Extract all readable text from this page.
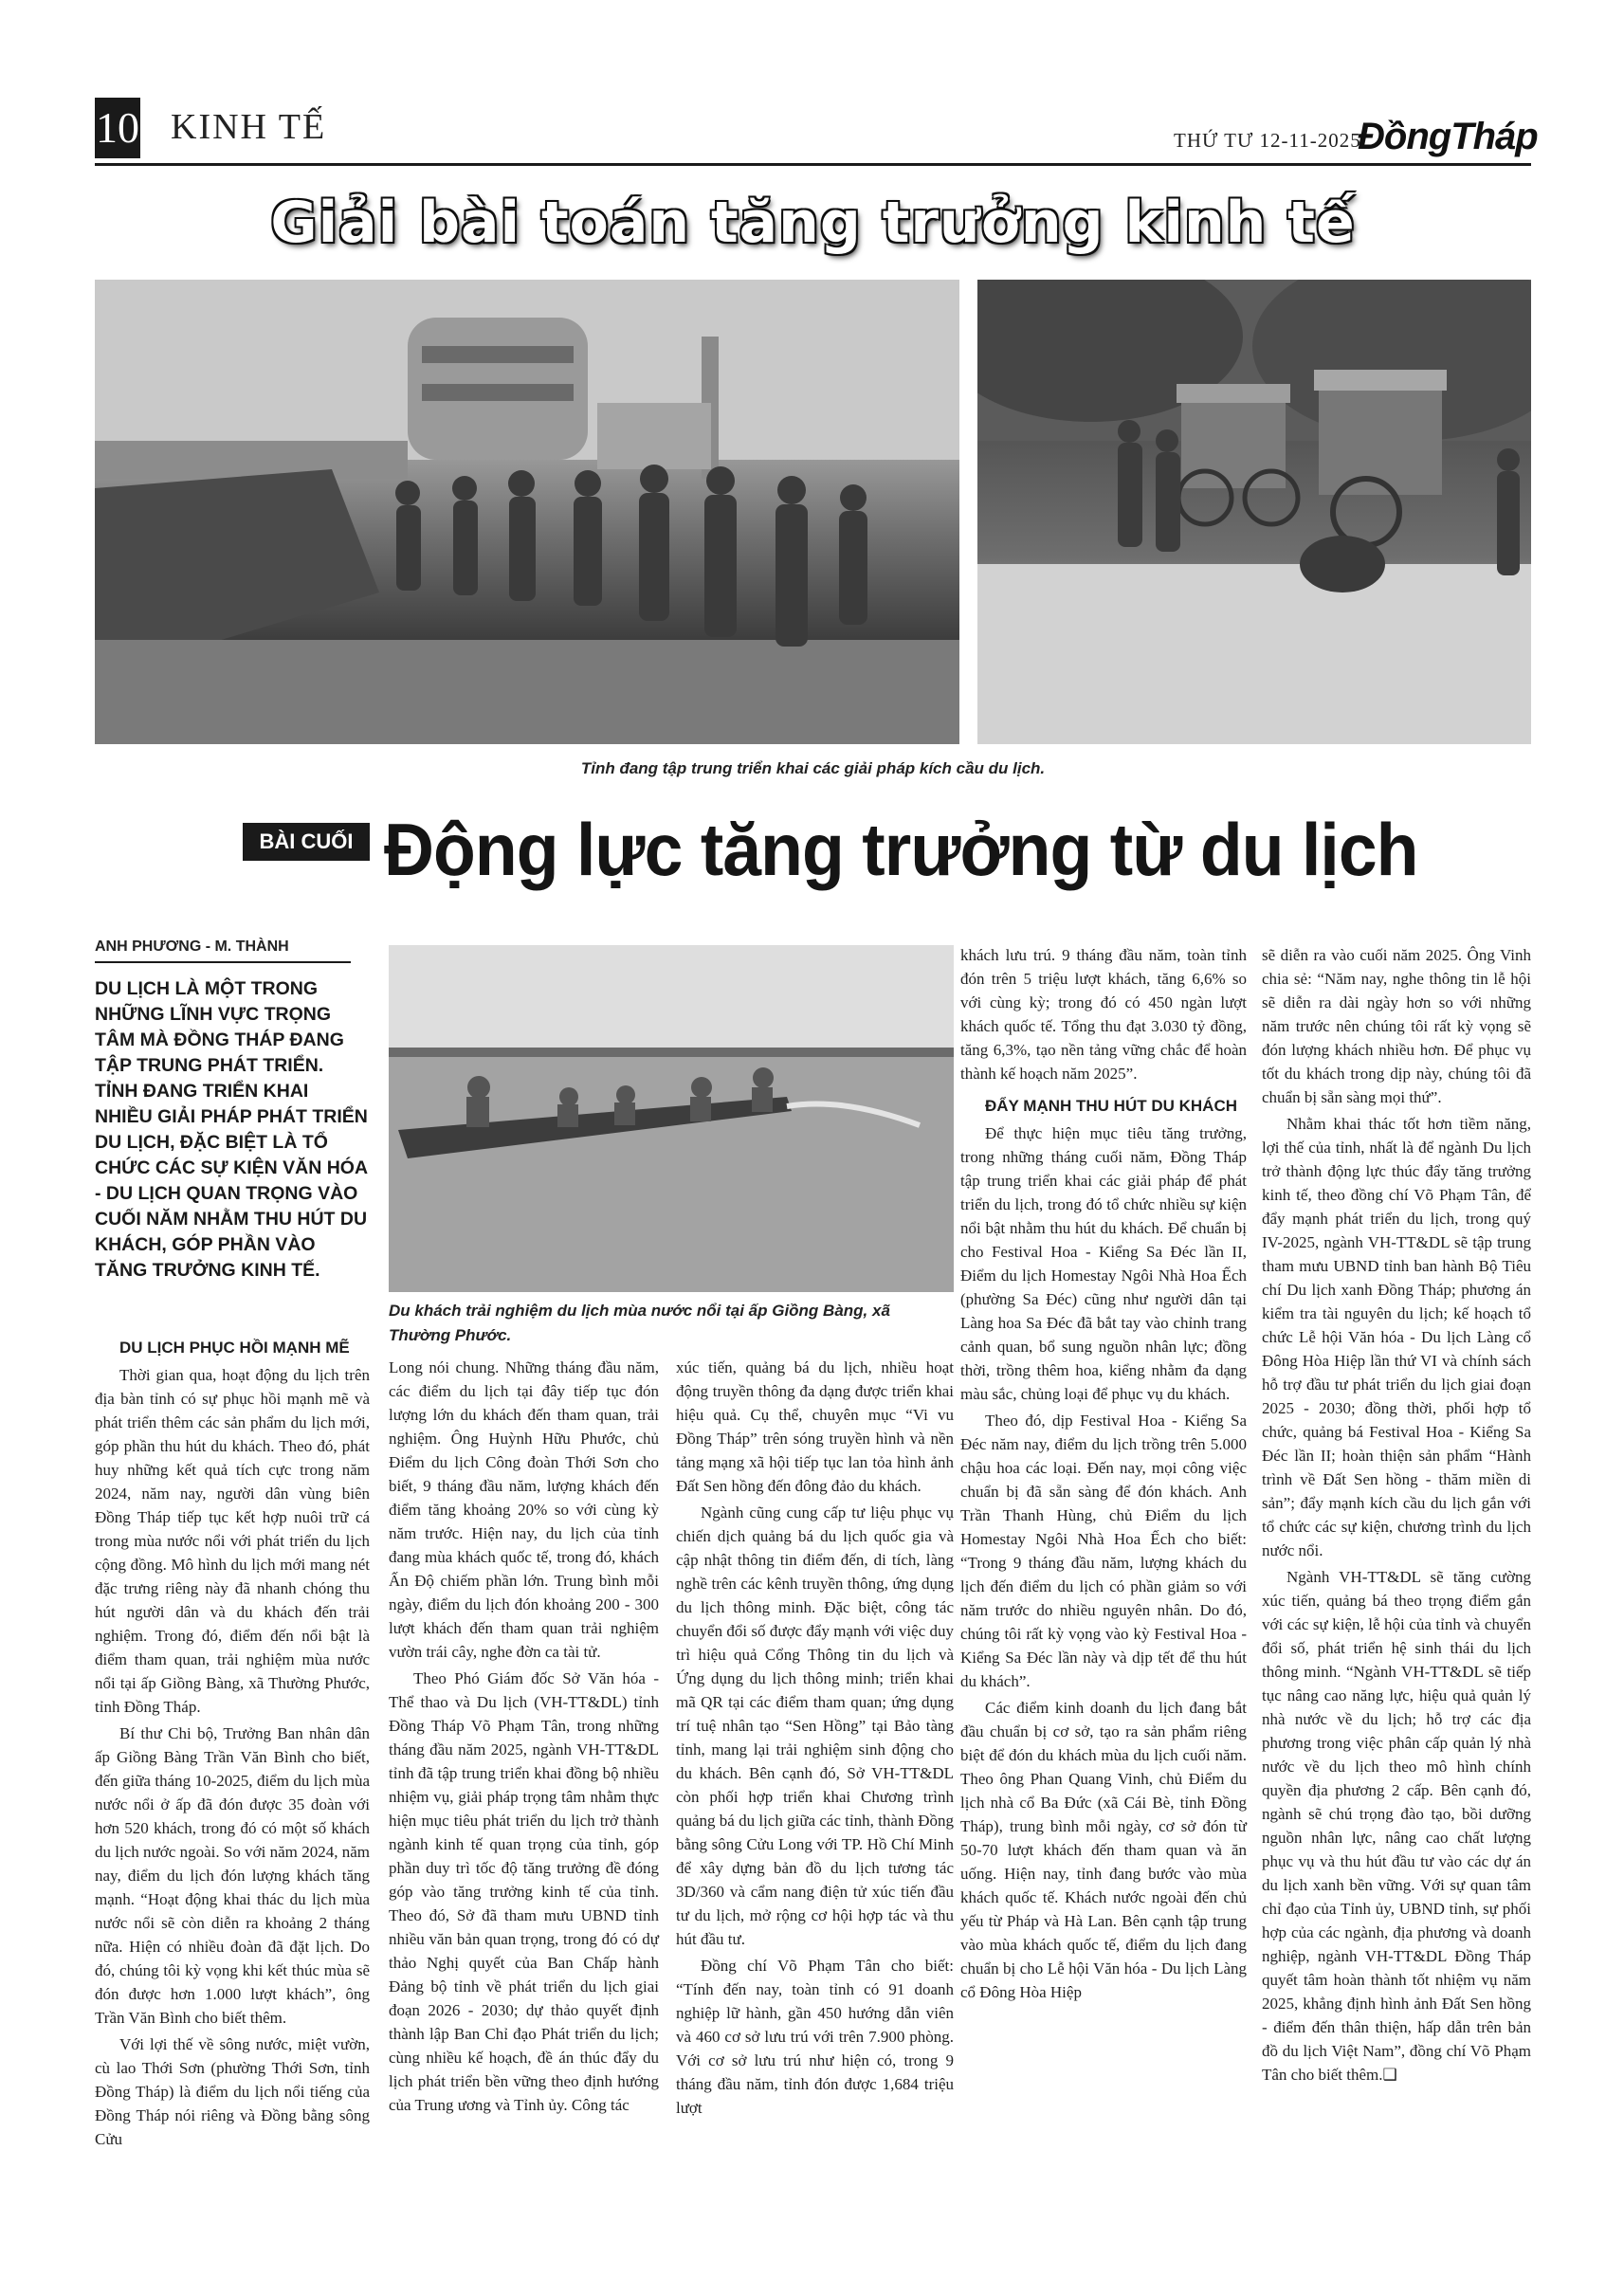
10 KINH TẾ	THỨ TƯ 12-11-2025
ĐồngTháp
Giải bài toán tăng trưởng kinh tế
Tỉnh đang tập trung triển khai các giải pháp kích cầu du lịch.
BÀI CUỐI Động lực tăng trưởng từ du lịch
ANH PHƯƠNG - M. THÀNH
DU LỊCH LÀ MỘT TRONG NHỮNG LĨNH VỰC TRỌNG TÂM MÀ ĐỒNG THÁP ĐANG TẬP TRUNG PHÁT TRIỂN. TỈNH ĐANG TRIỂN KHAI NHIỀU GIẢI PHÁP PHÁT TRIỂN DU LỊCH, ĐẶC BIỆT LÀ TỔ CHỨC CÁC SỰ KIỆN VĂN HÓA - DU LỊCH QUAN TRỌNG VÀO CUỐI NĂM NHẰM THU HÚT DU KHÁCH, GÓP PHẦN VÀO TĂNG TRƯỞNG KINH TẾ.
Du khách trải nghiệm du lịch mùa nước nổi tại ấp Giồng Bàng, xã Thường Phước.
DU LỊCH PHỤC HỒI MẠNH MẼ

Thời gian qua, hoạt động du lịch trên địa bàn tỉnh có sự phục hồi mạnh mẽ và phát triển thêm các sản phẩm du lịch mới, góp phần thu hút du khách. Theo đó, phát huy những kết quả tích cực trong năm 2024, năm nay, người dân vùng biên Đồng Tháp tiếp tục kết hợp nuôi trữ cá trong mùa nước nổi với phát triển du lịch cộng đồng. Mô hình du lịch mới mang nét đặc trưng riêng này đã nhanh chóng thu hút người dân và du khách đến trải nghiệm. Trong đó, điểm đến nổi bật là điểm tham quan, trải nghiệm mùa nước nổi tại ấp Giồng Bàng, xã Thường Phước, tỉnh Đồng Tháp.

Bí thư Chi bộ, Trưởng Ban nhân dân ấp Giồng Bàng Trần Văn Bình cho biết, đến giữa tháng 10-2025, điểm du lịch mùa nước nổi ở ấp đã đón được 35 đoàn với hơn 520 khách, trong đó có một số khách du lịch nước ngoài. So với năm 2024, năm nay, điểm du lịch đón lượng khách tăng mạnh. “Hoạt động khai thác du lịch mùa nước nổi sẽ còn diễn ra khoảng 2 tháng nữa. Hiện có nhiều đoàn đã đặt lịch. Do đó, chúng tôi kỳ vọng khi kết thúc mùa sẽ đón được hơn 1.000 lượt khách”, ông Trần Văn Bình cho biết thêm.

Với lợi thế về sông nước, miệt vườn, cù lao Thới Sơn (phường Thới Sơn, tỉnh Đồng Tháp) là điểm du lịch nổi tiếng của Đồng Tháp nói riêng và Đồng bằng sông Cửu

Long nói chung. Những tháng đầu năm, các điểm du lịch tại đây tiếp tục đón lượng lớn du khách đến tham quan, trải nghiệm. Ông Huỳnh Hữu Phước, chủ Điểm du lịch Công đoàn Thới Sơn cho biết, 9 tháng đầu năm, lượng khách đến điểm tăng khoảng 20% so với cùng kỳ năm trước. Hiện nay, du lịch của tỉnh đang mùa khách quốc tế, trong đó, khách Ấn Độ chiếm phần lớn. Trung bình mỗi ngày, điểm du lịch đón khoảng 200 - 300 lượt khách đến tham quan trải nghiệm vườn trái cây, nghe đờn ca tài tử.

Theo Phó Giám đốc Sở Văn hóa - Thể thao và Du lịch (VH-TT&DL) tỉnh Đồng Tháp Võ Phạm Tân, trong những tháng đầu năm 2025, ngành VH-TT&DL tỉnh đã tập trung triển khai đồng bộ nhiều nhiệm vụ, giải pháp trọng tâm nhằm thực hiện mục tiêu phát triển du lịch trở thành ngành kinh tế quan trọng của tỉnh, góp phần duy trì tốc độ tăng trưởng đề đóng góp vào tăng trưởng kinh tế của tỉnh. Theo đó, Sở đã tham mưu UBND tỉnh nhiều văn bản quan trọng, trong đó có dự thảo Nghị quyết của Ban Chấp hành Đảng bộ tỉnh về phát triển du lịch giai đoạn 2026 - 2030; dự thảo quyết định thành lập Ban Chỉ đạo Phát triển du lịch; cùng nhiều kế hoạch, đề án thúc đẩy du lịch phát triển bền vững theo định hướng của Trung ương và Tỉnh ủy. Công tác

xúc tiến, quảng bá du lịch, nhiều hoạt động truyền thông đa dạng được triển khai hiệu quả. Cụ thể, chuyên mục “Vi vu Đồng Tháp” trên sóng truyền hình và nền tảng mạng xã hội tiếp tục lan tỏa hình ảnh Đất Sen hồng đến đông đảo du khách.

Ngành cũng cung cấp tư liệu phục vụ chiến dịch quảng bá du lịch quốc gia và cập nhật thông tin điểm đến, di tích, làng nghề trên các kênh truyền thông, ứng dụng du lịch thông minh. Đặc biệt, công tác chuyển đổi số được đẩy mạnh với việc duy trì hiệu quả Cổng Thông tin du lịch và Ứng dụng du lịch thông minh; triển khai mã QR tại các điểm tham quan; ứng dụng trí tuệ nhân tạo “Sen Hồng” tại Bảo tàng tỉnh, mang lại trải nghiệm sinh động cho du khách. Bên cạnh đó, Sở VH-TT&DL còn phối hợp triển khai Chương trình quảng bá du lịch giữa các tỉnh, thành Đồng bằng sông Cửu Long với TP. Hồ Chí Minh để xây dựng bản đồ du lịch tương tác 3D/360 và cẩm nang điện tử xúc tiến đầu tư du lịch, mở rộng cơ hội hợp tác và thu hút đầu tư.

Đồng chí Võ Phạm Tân cho biết: “Tính đến nay, toàn tỉnh có 91 doanh nghiệp lữ hành, gần 450 hướng dẫn viên và 460 cơ sở lưu trú với trên 7.900 phòng. Với cơ sở lưu trú như hiện có, trong 9 tháng đầu năm, tỉnh đón được 1,684 triệu lượt

khách lưu trú. 9 tháng đầu năm, toàn tỉnh đón trên 5 triệu lượt khách, tăng 6,6% so với cùng kỳ; trong đó có 450 ngàn lượt khách quốc tế. Tổng thu đạt 3.030 tỷ đồng, tăng 6,3%, tạo nền tảng vững chắc để hoàn thành kế hoạch năm 2025”.

ĐẨY MẠNH THU HÚT DU KHÁCH

Để thực hiện mục tiêu tăng trưởng, trong những tháng cuối năm, Đồng Tháp tập trung triển khai các giải pháp để phát triển du lịch, trong đó tổ chức nhiều sự kiện nổi bật nhằm thu hút du khách. Để chuẩn bị cho Festival Hoa - Kiểng Sa Đéc lần II, Điểm du lịch Homestay Ngôi Nhà Hoa Ếch (phường Sa Đéc) cũng như người dân tại Làng hoa Sa Đéc đã bắt tay vào chỉnh trang cảnh quan, bổ sung nguồn nhân lực; đồng thời, trồng thêm hoa, kiểng nhằm đa dạng màu sắc, chủng loại để phục vụ du khách.

Theo đó, dịp Festival Hoa - Kiểng Sa Đéc năm nay, điểm du lịch trồng trên 5.000 chậu hoa các loại. Đến nay, mọi công việc chuẩn bị đã sẵn sàng để đón khách. Anh Trần Thanh Hùng, chủ Điểm du lịch Homestay Ngôi Nhà Hoa Ếch cho biết: “Trong 9 tháng đầu năm, lượng khách du lịch đến điểm du lịch có phần giảm so với năm trước do nhiều nguyên nhân. Do đó, chúng tôi rất kỳ vọng vào kỳ Festival Hoa - Kiểng Sa Đéc lần này và dịp tết để thu hút du khách”.

Các điểm kinh doanh du lịch đang bắt đầu chuẩn bị cơ sở, tạo ra sản phẩm riêng biệt để đón du khách mùa du lịch cuối năm. Theo ông Phan Quang Vinh, chủ Điểm du lịch nhà cổ Ba Đức (xã Cái Bè, tỉnh Đồng Tháp), trung bình mỗi ngày, cơ sở đón từ 50-70 lượt khách đến tham quan và ăn uống. Hiện nay, tỉnh đang bước vào mùa khách quốc tế. Khách nước ngoài đến chủ yếu từ Pháp và Hà Lan. Bên cạnh tập trung vào mùa khách quốc tế, điểm du lịch đang chuẩn bị cho Lễ hội Văn hóa - Du lịch Làng cổ Đông Hòa Hiệp

sẽ diễn ra vào cuối năm 2025. Ông Vinh chia sẻ: “Năm nay, nghe thông tin lễ hội sẽ diễn ra dài ngày hơn so với những năm trước nên chúng tôi rất kỳ vọng sẽ đón lượng khách nhiều hơn. Để phục vụ tốt du khách trong dịp này, chúng tôi đã chuẩn bị sẵn sàng mọi thứ”.

Nhằm khai thác tốt hơn tiềm năng, lợi thế của tỉnh, nhất là để ngành Du lịch trở thành động lực thúc đẩy tăng trưởng kinh tế, theo đồng chí Võ Phạm Tân, để đẩy mạnh phát triển du lịch, trong quý IV-2025, ngành VH-TT&DL sẽ tập trung tham mưu UBND tỉnh ban hành Bộ Tiêu chí Du lịch xanh Đồng Tháp; phương án kiểm tra tài nguyên du lịch; kế hoạch tổ chức Lễ hội Văn hóa - Du lịch Làng cổ Đông Hòa Hiệp lần thứ VI và chính sách hỗ trợ đầu tư phát triển du lịch giai đoạn 2025 - 2030; đồng thời, phối hợp tổ chức, quảng bá Festival Hoa - Kiểng Sa Đéc lần II; hoàn thiện sản phẩm “Hành trình về Đất Sen hồng - thăm miền di sản”; đẩy mạnh kích cầu du lịch gắn với tổ chức các sự kiện, chương trình du lịch nước nổi.

Ngành VH-TT&DL sẽ tăng cường xúc tiến, quảng bá theo trọng điểm gắn với các sự kiện, lễ hội của tỉnh và chuyển đổi số, phát triển hệ sinh thái du lịch thông minh. “Ngành VH-TT&DL sẽ tiếp tục nâng cao năng lực, hiệu quả quản lý nhà nước về du lịch; hỗ trợ các địa phương trong việc phân cấp quản lý nhà nước về du lịch theo mô hình chính quyền địa phương 2 cấp. Bên cạnh đó, ngành sẽ chú trọng đào tạo, bồi dưỡng nguồn nhân lực, nâng cao chất lượng phục vụ và thu hút đầu tư vào các dự án du lịch xanh bền vững. Với sự quan tâm chỉ đạo của Tỉnh ủy, UBND tỉnh, sự phối hợp của các ngành, địa phương và doanh nghiệp, ngành VH-TT&DL Đồng Tháp quyết tâm hoàn thành tốt nhiệm vụ năm 2025, khẳng định hình ảnh Đất Sen hồng - điểm đến thân thiện, hấp dẫn trên bản đồ du lịch Việt Nam”, đồng chí Võ Phạm Tân cho biết thêm.❑
